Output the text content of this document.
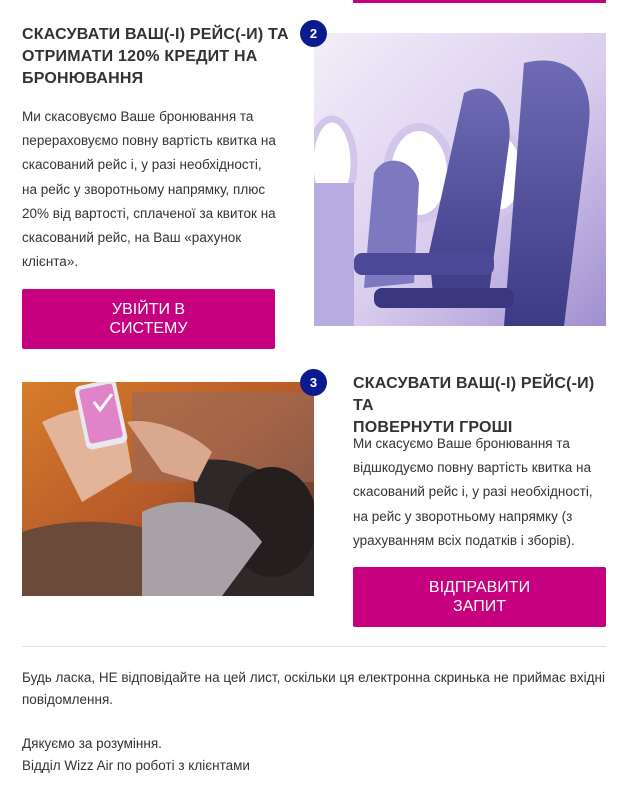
СКАСУВАТИ ВАШ(-І) РЕЙС(-И) ТА
ОТРИМАТИ 120% КРЕДИТ НА
БРОНЮВАННЯ
Ми скасовуємо Ваше бронювання та
перераховуємо повну вартість квитка на
скасований рейс і, у разі необхідності,
на рейс у зворотньому напрямку, плюс
20% від вартості, сплаченої за квиток на
скасований рейс, на Ваш «рахунок
клієнта».
УВІЙТИ В
СИСТЕМУ
2
3 СКАСУВАТИ ВАШ(-І) РЕЙС(-И) ТА
ПОВЕРНУТИ ГРОШІ
Ми скасуємо Ваше бронювання та
відшкодуємо повну вартість квитка на
скасований рейс і, у разі необхідності,
на рейс у зворотньому напрямку (з
урахуванням всіх податків і зборів).
ВІДПРАВИТИ
ЗАПИТ
Будь ласка, НЕ відповідайте на цей лист, оскільки ця електронна скринька не приймає вхідні
повідомлення.
Дякуємо за розуміння.
Відділ Wizz Air по роботі з клієнтами
